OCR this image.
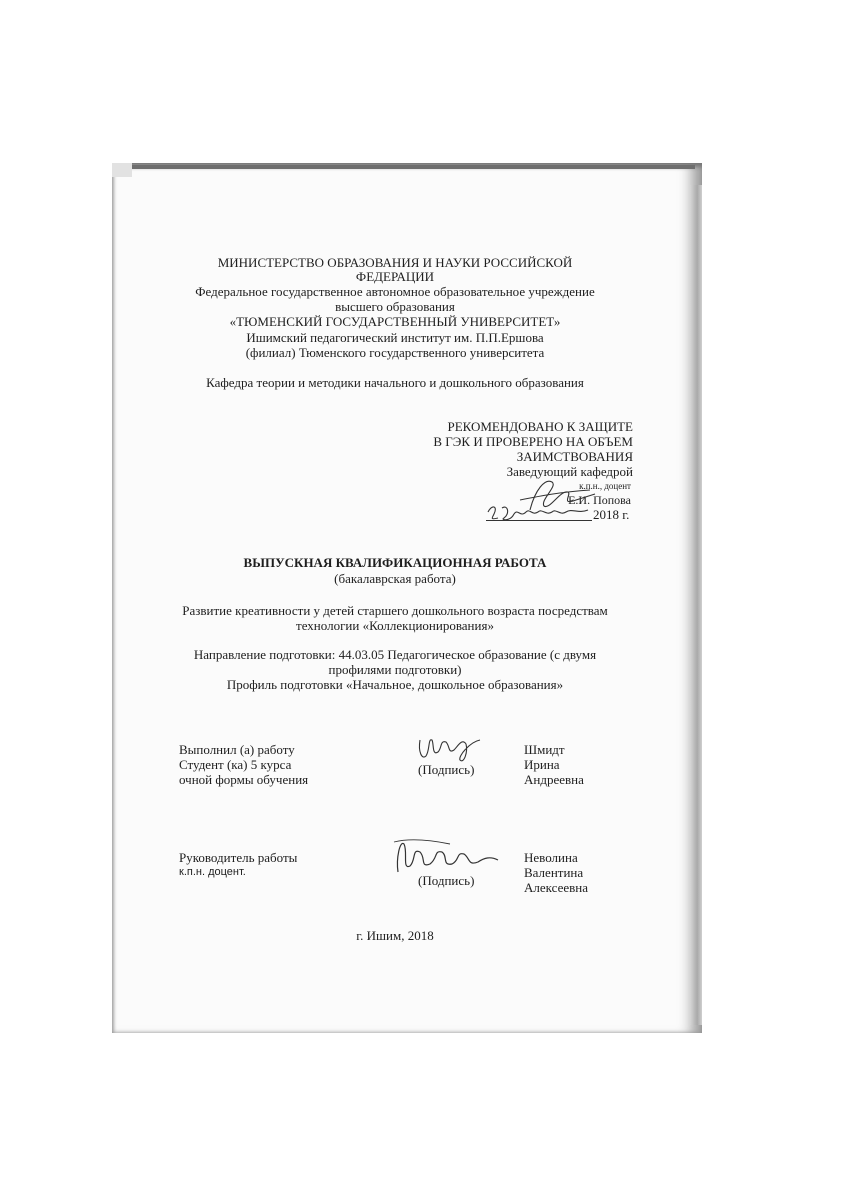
МИНИСТЕРСТВО ОБРАЗОВАНИЯ И НАУКИ РОССИЙСКОЙ
ФЕДЕРАЦИИ
Федеральное государственное автономное образовательное учреждение
высшего образования
«ТЮМЕНСКИЙ ГОСУДАРСТВЕННЫЙ УНИВЕРСИТЕТ»
Ишимский педагогический институт им. П.П.Ершова
(филиал) Тюменского государственного университета
Кафедра теории и методики начального и дошкольного образования
РЕКОМЕНДОВАНО К ЗАЩИТЕ
В ГЭК И ПРОВЕРЕНО НА ОБЪЕМ
ЗАИМСТВОВАНИЯ
Заведующий кафедрой
к.п.н., доцент
Е.И. Попова
2018 г.
ВЫПУСКНАЯ КВАЛИФИКАЦИОННАЯ РАБОТА
(бакалаврская работа)
Развитие креативности у детей старшего дошкольного возраста посредствам
технологии «Коллекционирования»
Направление подготовки: 44.03.05 Педагогическое образование (с двумя
профилями подготовки)
Профиль подготовки «Начальное, дошкольное образования»
Выполнил (а) работу
Студент (ка) 5 курса
очной формы обучения
(Подпись)
Шмидт
Ирина
Андреевна
Руководитель работы
к.п.н. доцент.
(Подпись)
Неволина
Валентина
Алексеевна
г. Ишим, 2018
